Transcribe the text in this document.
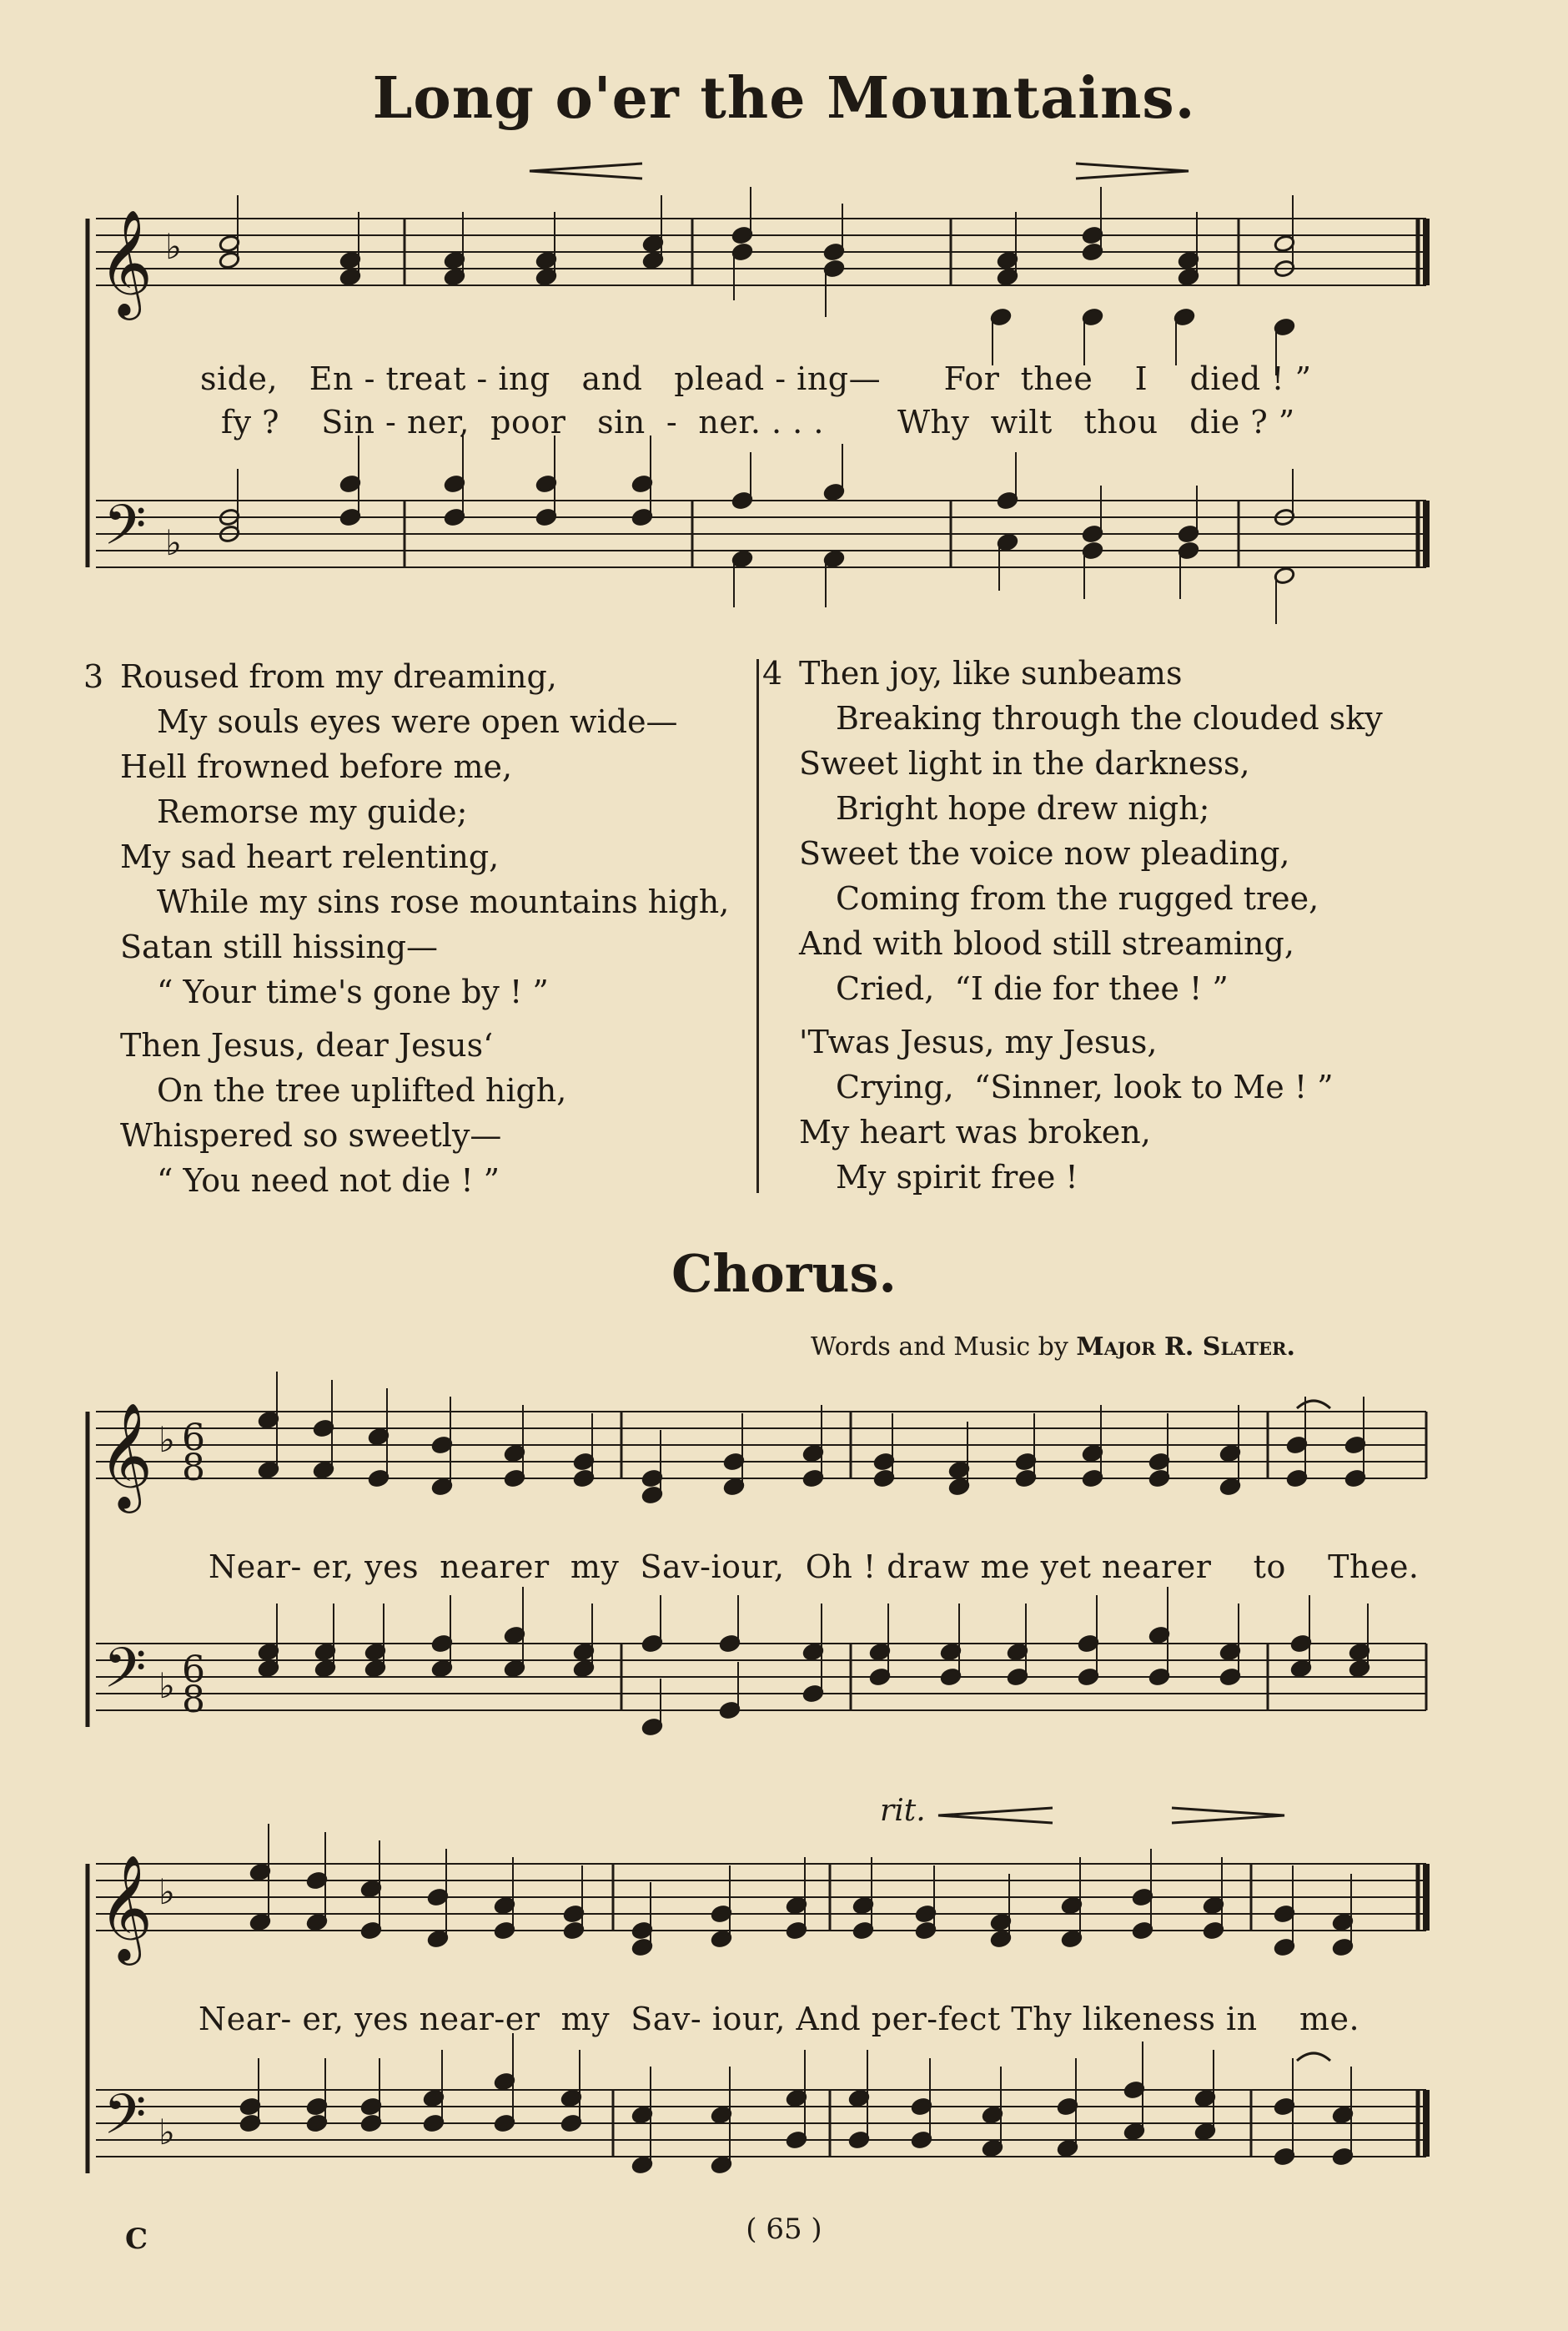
𝄞
𝄢
♭
♭
𝄞
𝄢
♭
♭
6
8
6
8
𝄞
𝄢
♭
♭
Long o'er the Mountains.
side,   En - treat - ing   and   plead - ing—      For  thee    I    died ! ”
fy ?    Sin - ner,  poor   sin  -  ner. . . .       Why  wilt   thou   die ? ”
3 Roused from my dreaming,
My souls eyes were open wide—
Hell frowned before me,
Remorse my guide;
My sad heart relenting,
While my sins rose mountains high,
Satan still hissing—
“ Your time's gone by ! ”
Then Jesus, dear Jesus‘
On the tree uplifted high,
Whispered so sweetly—
“ You need not die ! ”
4 Then joy, like sunbeams
Breaking through the clouded sky
Sweet light in the darkness,
Bright hope drew nigh;
Sweet the voice now pleading,
Coming from the rugged tree,
And with blood still streaming,
Cried,  “I die for thee ! ”
'Twas Jesus, my Jesus,
Crying,  “Sinner, look to Me ! ”
My heart was broken,
My spirit free !
Chorus.
Words and Music by Major R. Slater.
Near- er, yes  nearer  my  Sav-iour,  Oh ! draw me yet nearer    to    Thee.
rit.
Near- er, yes near-er  my  Sav- iour, And per-fect Thy likeness in    me.
C	( 65 )
